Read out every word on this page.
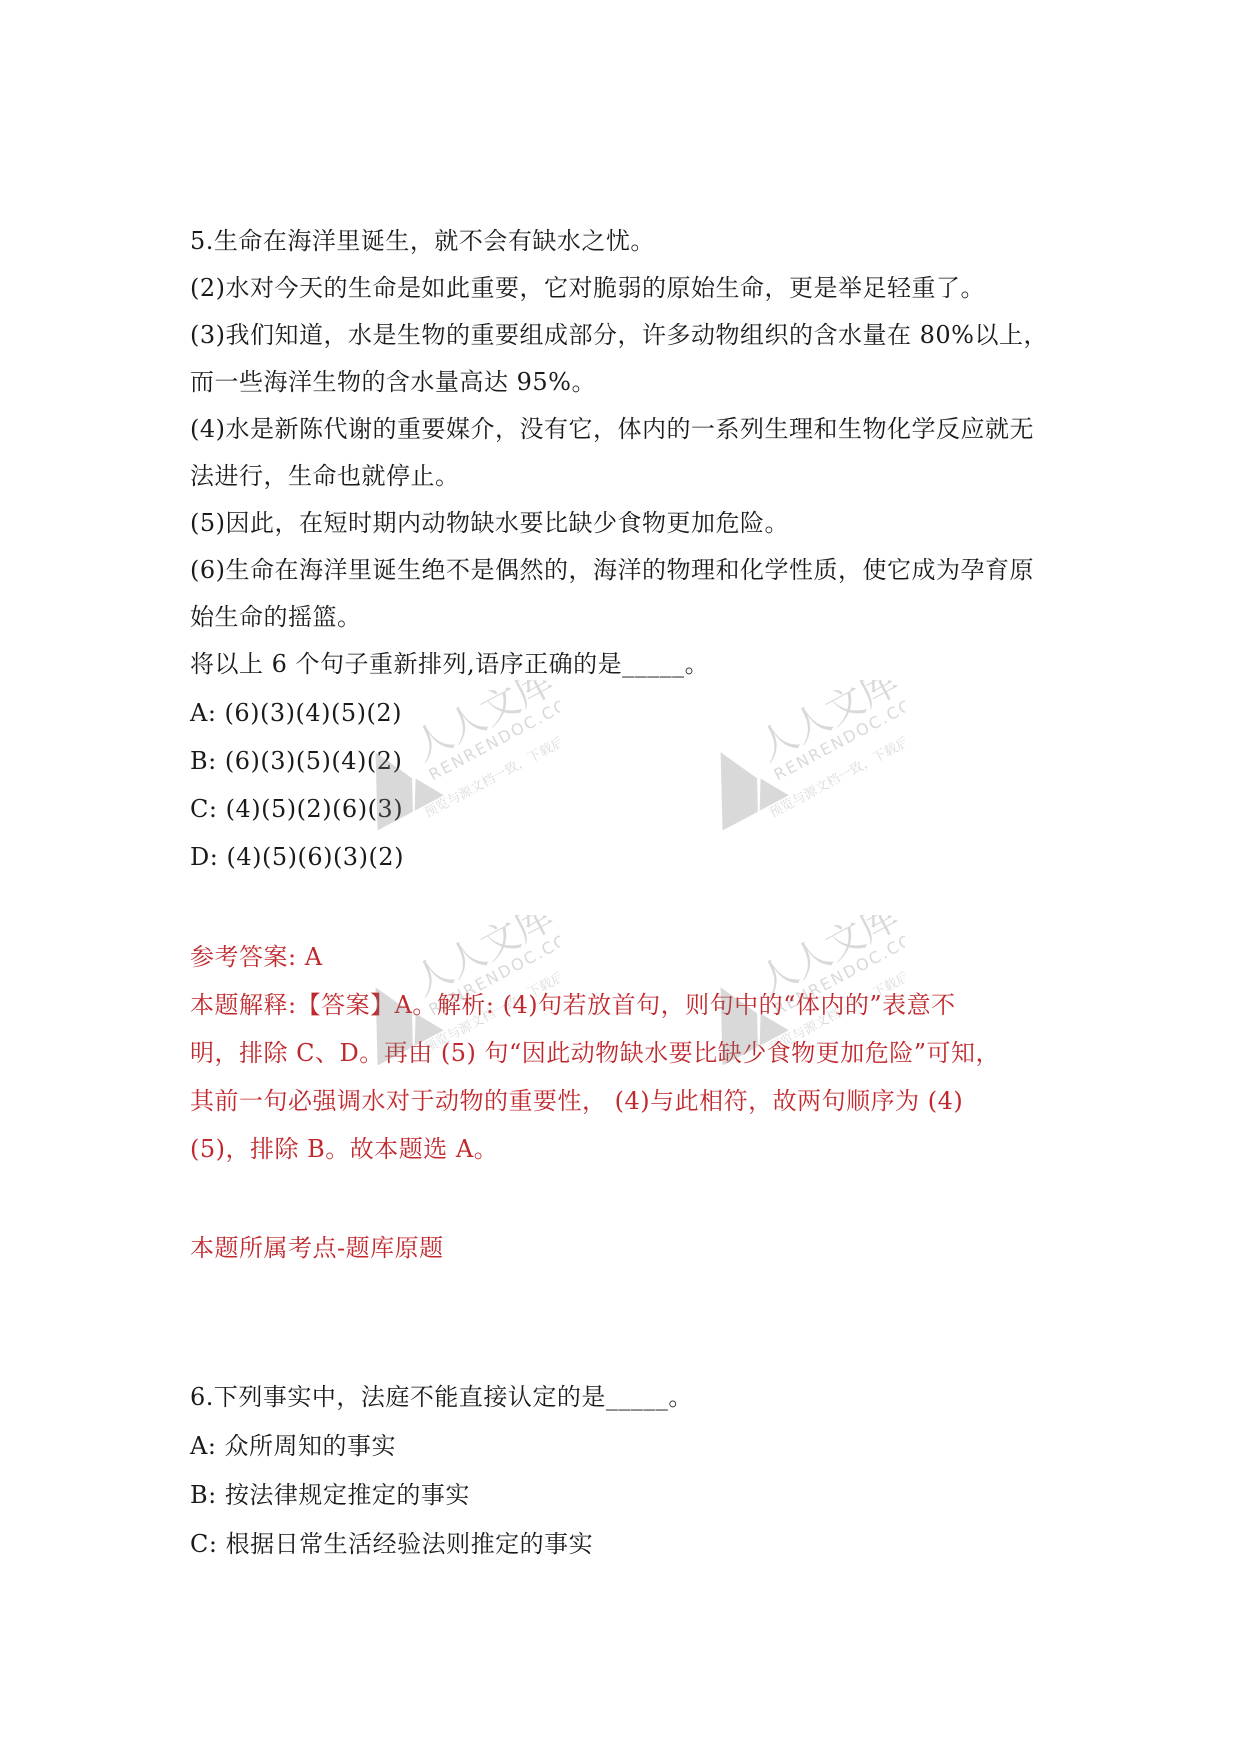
5.生命在海洋里诞生，就不会有缺水之忧。
(2)水对今天的生命是如此重要，它对脆弱的原始生命，更是举足轻重了。
(3)我们知道，水是生物的重要组成部分，许多动物组织的含水量在 80%以上，
而一些海洋生物的含水量高达 95%。
(4)水是新陈代谢的重要媒介，没有它，体内的一系列生理和生物化学反应就无
法进行，生命也就停止。
(5)因此，在短时期内动物缺水要比缺少食物更加危险。
(6)生命在海洋里诞生绝不是偶然的，海洋的物理和化学性质，使它成为孕育原
始生命的摇篮。
将以上 6 个句子重新排列,语序正确的是_____。
A: (6)(3)(4)(5)(2)
B: (6)(3)(5)(4)(2)
C: (4)(5)(2)(6)(3)
D: (4)(5)(6)(3)(2)
参考答案: A
本题解释:【答案】A。解析: (4)句若放首句，则句中的“体内的”表意不
明，排除 C、D。再由 (5) 句“因此动物缺水要比缺少食物更加危险”可知，
其前一句必强调水对于动物的重要性， (4)与此相符，故两句顺序为 (4)
(5)，排除 B。故本题选 A。
本题所属考点-题库原题
6.下列事实中，法庭不能直接认定的是_____。
A: 众所周知的事实
B: 按法律规定推定的事实
C: 根据日常生活经验法则推定的事实
人人文库
RENRENDOC.COM
预览与源文档一致，下载后无此水印	人人文库
RENRENDOC.COM
预览与源文档一致，下载后无此水印
人人文库
RENRENDOC.COM
预览与源文档一致，下载后无此水印	人人文库
RENRENDOC.COM
预览与源文档一致，下载后无此水印
